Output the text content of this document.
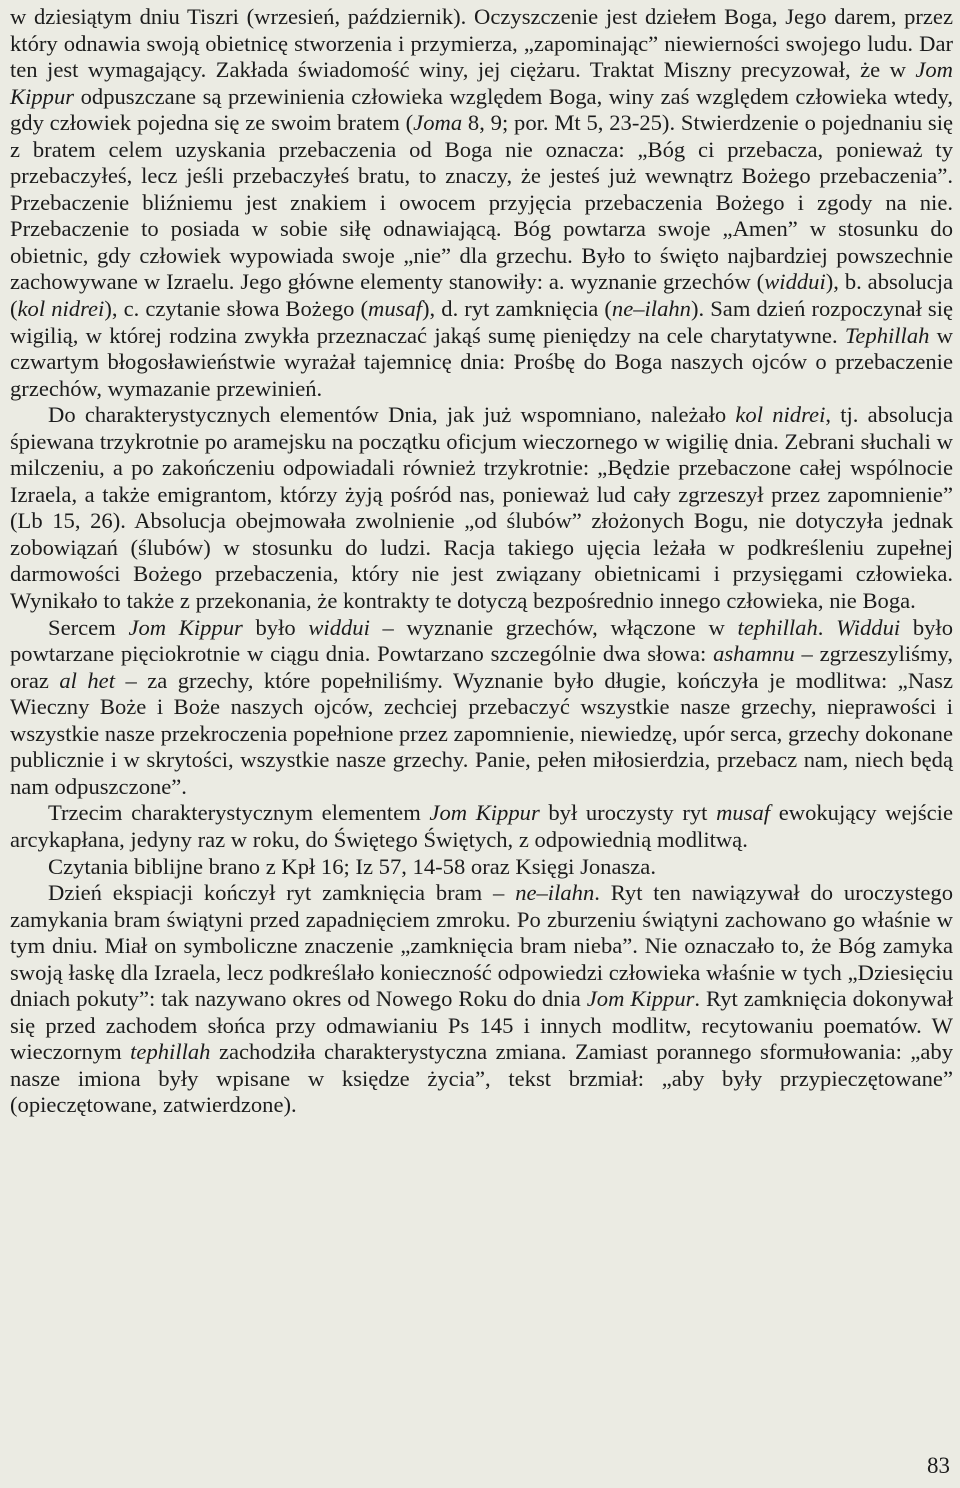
w dziesiątym dniu Tiszri (wrzesień, październik). Oczyszczenie jest dziełem Boga, Jego darem, przez który odnawia swoją obietnicę stworzenia i przymierza, „zapominając” niewierności swojego ludu. Dar ten jest wymagający. Zakłada świadomość winy, jej ciężaru. Traktat Miszny precyzował, że w Jom Kippur odpuszczane są przewinienia człowieka względem Boga, winy zaś względem człowieka wtedy, gdy człowiek pojedna się ze swoim bratem (Joma 8, 9; por. Mt 5, 23-25). Stwierdzenie o pojednaniu się z bratem celem uzyskania przebaczenia od Boga nie oznacza: „Bóg ci przebacza, ponieważ ty przebaczyłeś, lecz jeśli przebaczyłeś bratu, to znaczy, że jesteś już wewnątrz Bożego przebaczenia”. Przebaczenie bliźniemu jest znakiem i owocem przyjęcia przebaczenia Bożego i zgody na nie. Przebaczenie to posiada w sobie siłę odnawiającą. Bóg powtarza swoje „Amen” w stosunku do obietnic, gdy człowiek wypowiada swoje „nie” dla grzechu. Było to święto najbardziej powszechnie zachowywane w Izraelu. Jego główne elementy stanowiły: a. wyznanie grzechów (widdui), b. absolucja (kol nidrei), c. czytanie słowa Bożego (musaf), d. ryt zamknięcia (ne–ilahn). Sam dzień rozpoczynał się wigilią, w której rodzina zwykła przeznaczać jakąś sumę pieniędzy na cele charytatywne. Tephillah w czwartym błogosławieństwie wyrażał tajemnicę dnia: Prośbę do Boga naszych ojców o przebaczenie grzechów, wymazanie przewinień.

Do charakterystycznych elementów Dnia, jak już wspomniano, należało kol nidrei, tj. absolucja śpiewana trzykrotnie po aramejsku na początku oficjum wieczornego w wigilię dnia. Zebrani słuchali w milczeniu, a po zakończeniu odpowiadali również trzykrotnie: „Będzie przebaczone całej wspólnocie Izraela, a także emigrantom, którzy żyją pośród nas, ponieważ lud cały zgrzeszył przez zapomnienie” (Lb 15, 26). Absolucja obejmowała zwolnienie „od ślubów” złożonych Bogu, nie dotyczyła jednak zobowiązań (ślubów) w stosunku do ludzi. Racja takiego ujęcia leżała w podkreśleniu zupełnej darmowości Bożego przebaczenia, który nie jest związany obietnicami i przysięgami człowieka. Wynikało to także z przekonania, że kontrakty te dotyczą bezpośrednio innego człowieka, nie Boga.

Sercem Jom Kippur było widdui – wyznanie grzechów, włączone w tephillah. Widdui było powtarzane pięciokrotnie w ciągu dnia. Powtarzano szczególnie dwa słowa: ashamnu – zgrzeszyliśmy, oraz al het – za grzechy, które popełniliśmy. Wyznanie było długie, kończyła je modlitwa: „Nasz Wieczny Boże i Boże naszych ojców, zechciej przebaczyć wszystkie nasze grzechy, nieprawości i wszystkie nasze przekroczenia popełnione przez zapomnienie, niewiedzę, upór serca, grzechy dokonane publicznie i w skrytości, wszystkie nasze grzechy. Panie, pełen miłosierdzia, przebacz nam, niech będą nam odpuszczone”.

Trzecim charakterystycznym elementem Jom Kippur był uroczysty ryt musaf ewokujący wejście arcykapłana, jedyny raz w roku, do Świętego Świętych, z odpowiednią modlitwą.

Czytania biblijne brano z Kpł 16; Iz 57, 14-58 oraz Księgi Jonasza.

Dzień ekspiacji kończył ryt zamknięcia bram – ne–ilahn. Ryt ten nawiązywał do uroczystego zamykania bram świątyni przed zapadnięciem zmroku. Po zburzeniu świątyni zachowano go właśnie w tym dniu. Miał on symboliczne znaczenie „zamknięcia bram nieba”. Nie oznaczało to, że Bóg zamyka swoją łaskę dla Izraela, lecz podkreślało konieczność odpowiedzi człowieka właśnie w tych „Dziesięciu dniach pokuty”: tak nazywano okres od Nowego Roku do dnia Jom Kippur. Ryt zamknięcia dokonywał się przed zachodem słońca przy odmawianiu Ps 145 i innych modlitw, recytowaniu poematów. W wieczornym tephillah zachodziła charakterystyczna zmiana. Zamiast porannego sformułowania: „aby nasze imiona były wpisane w księdze życia”, tekst brzmiał: „aby były przypieczętowane” (opieczętowane, zatwierdzone).

83
